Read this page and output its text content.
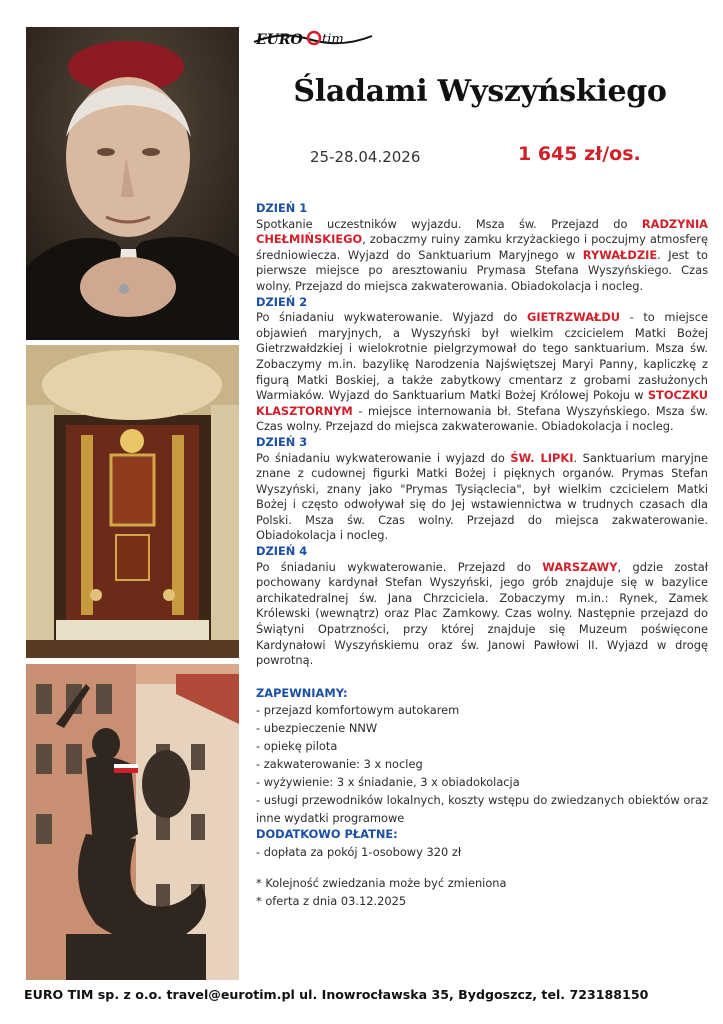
EURO tim
Śladami Wyszyńskiego
25-28.04.2026	1 645 zł/os.

DZIEŃ 1

Spotkanie uczestników wyjazdu. Msza św. Przejazd do RADZYNIA CHEŁMIŃSKIEGO, zobaczmy ruiny zamku krzyżackiego i poczujmy atmosferę średniowiecza. Wyjazd do Sanktuarium Maryjnego w RYWAŁDZIE. Jest to pierwsze miejsce po aresztowaniu Prymasa Stefana Wyszyńskiego. Czas wolny. Przejazd do miejsca zakwaterowania. Obiadokolacja i nocleg.

DZIEŃ 2

Po śniadaniu wykwaterowanie. Wyjazd do GIETRZWAŁDU - to miejsce objawień maryjnych, a Wyszyński był wielkim czcicielem Matki Bożej Gietrzwałdzkiej i wielokrotnie pielgrzymował do tego sanktuarium. Msza św. Zobaczymy m.in. bazylikę Narodzenia Najświętszej Maryi Panny, kapliczkę z figurą Matki Boskiej, a także zabytkowy cmentarz z grobami zasłużonych Warmiaków. Wyjazd do Sanktuarium Matki Bożej Królowej Pokoju w STOCZKU KLASZTORNYM - miejsce internowania bł. Stefana Wyszyńskiego. Msza św. Czas wolny. Przejazd do miejsca zakwaterowanie. Obiadokolacja i nocleg.

DZIEŃ 3

Po śniadaniu wykwaterowanie i wyjazd do ŚW. LIPKI. Sanktuarium maryjne znane z cudownej figurki Matki Bożej i pięknych organów. Prymas Stefan Wyszyński, znany jako "Prymas Tysiąclecia", był wielkim czcicielem Matki Bożej i często odwoływał się do Jej wstawiennictwa w trudnych czasach dla Polski. Msza św. Czas wolny. Przejazd do miejsca zakwaterowanie. Obiadokolacja i nocleg.

DZIEŃ 4

Po śniadaniu wykwaterowanie. Przejazd do WARSZAWY, gdzie został pochowany kardynał Stefan Wyszyński, jego grób znajduje się w bazylice archikatedralnej św. Jana Chrzciciela. Zobaczymy m.in.: Rynek, Zamek Królewski (wewnątrz) oraz Plac Zamkowy. Czas wolny. Następnie przejazd do Świątyni Opatrzności, przy której znajduje się Muzeum poświęcone Kardynałowi Wyszyńskiemu oraz św. Janowi Pawłowi II. Wyjazd w drogę powrotną.

ZAPEWNIAMY:

- przejazd komfortowym autokarem
- ubezpieczenie NNW
- opiekę pilota
- zakwaterowanie: 3 x nocleg
- wyżywienie: 3 x śniadanie, 3 x obiadokolacja
- usługi przewodników lokalnych, koszty wstępu do zwiedzanych obiektów oraz inne wydatki programowe

DODATKOWO PŁATNE:

- dopłata za pokój 1-osobowy 320 zł
* Kolejność zwiedzania może być zmieniona
* oferta z dnia 03.12.2025
EURO TIM sp. z o.o. travel@eurotim.pl ul. Inowrocławska 35, Bydgoszcz, tel. 723188150
